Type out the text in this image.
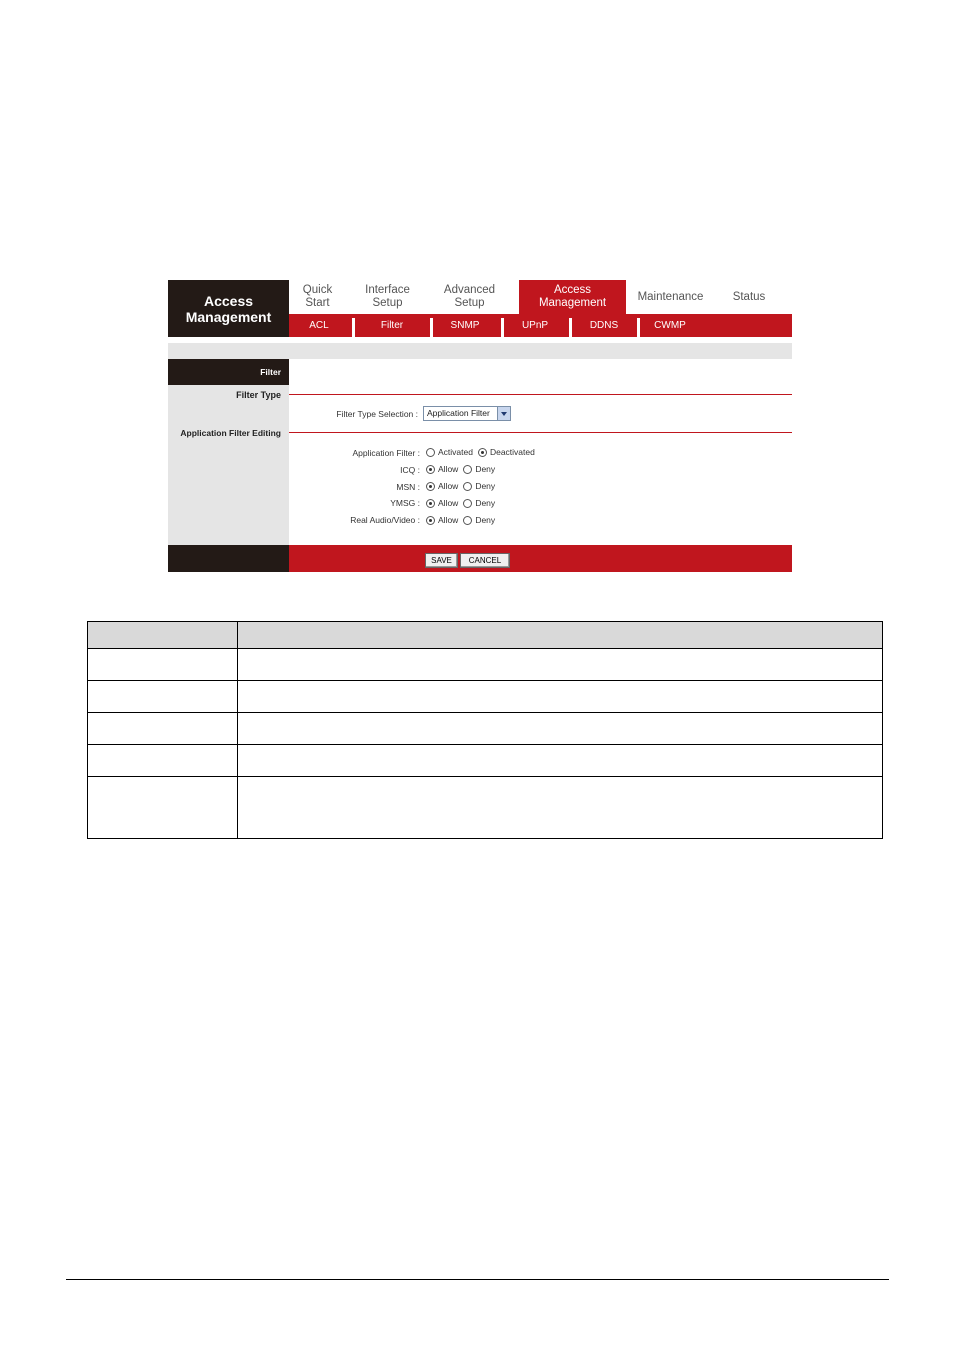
Access Management
Quick Start
Interface Setup
Advanced Setup
Access Management
Maintenance	Status
ACL	Filter	SNMP	UPnP	DDNS	CWMP
Filter
Filter Type
Filter Type Selection :	Application Filter
Application Filter Editing
Application Filter : Activated Deactivated
ICQ : Allow Deny
MSN : Allow Deny
YMSG : Allow Deny
Real Audio/Video : Allow Deny
SAVE	CANCEL
